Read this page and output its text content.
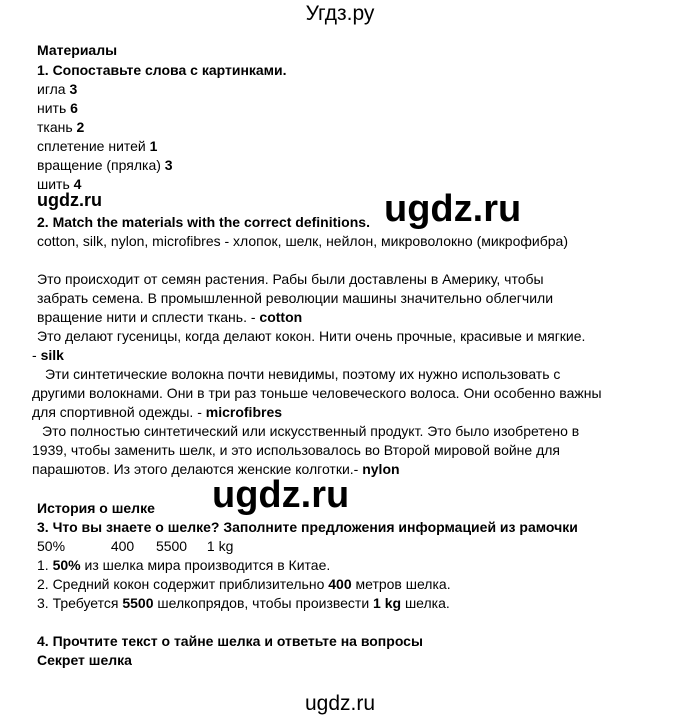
Угдз.ру
Материалы
1. Сопоставьте слова с картинками.
игла 3
нить 6
ткань 2
сплетение нитей 1
вращение (прялка) 3
шить 4
ugdz.ru	ugdz.ru
2. Match the materials with the correct definitions.
cotton, silk, nylon, microfibres - хлопок, шелк, нейлон, микроволокно (микрофибра)
Это происходит от семян растения. Рабы были доставлены в Америку, чтобы
забрать семена. В промышленной революции машины значительно облегчили
вращение нити и сплести ткань. - cotton
Это делают гусеницы, когда делают кокон. Нити очень прочные, красивые и мягкие.
- silk
Эти синтетические волокна почти невидимы, поэтому их нужно использовать с
другими волокнами. Они в три раз тоньше человеческого волоса. Они особенно важны
для спортивной одежды. - microfibres
Это полностью синтетический или искусственный продукт. Это было изобретено в
1939, чтобы заменить шелк, и это использовалось во Второй мировой войне для
парашютов. Из этого делаются женские колготки.- nylon
ugdz.ru
История о шелке
3. Что вы знаете о шелке? Заполните предложения информацией из рамочки
50%	400 5500 1 kg
1. 50% из шелка мира производится в Китае.
2. Средний кокон содержит приблизительно 400 метров шелка.
3. Требуется 5500 шелкопрядов, чтобы произвести 1 kg шелка.
4. Прочтите текст о тайне шелка и ответьте на вопросы
Секрет шелка
ugdz.ru
